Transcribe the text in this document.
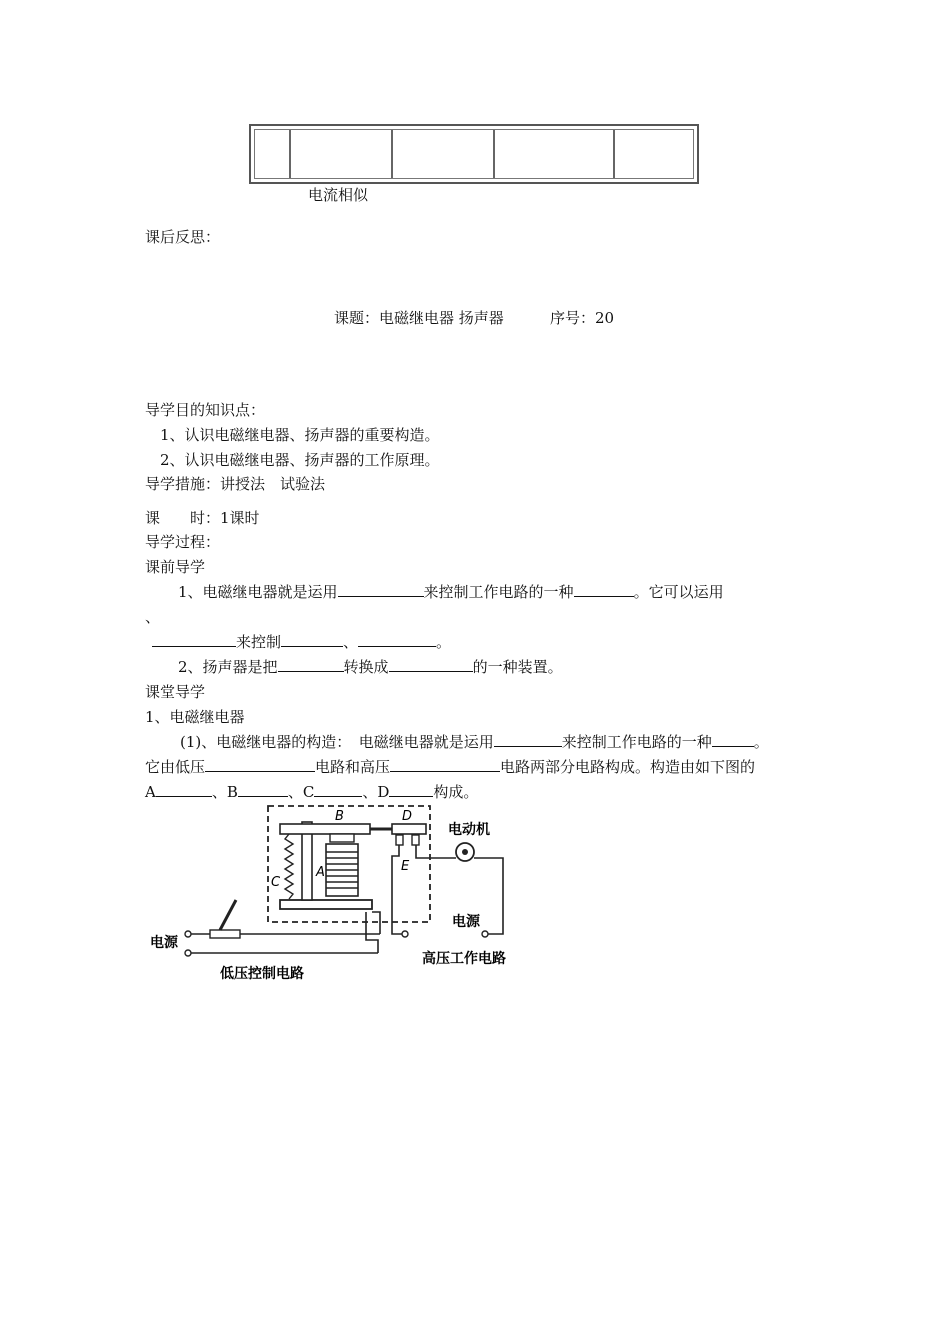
电流相似
课后反思：
课题：电磁继电器 扬声器	序号：20
导学目的知识点：
1、认识电磁继电器、扬声器的重要构造。
2、认识电磁继电器、扬声器的工作原理。
导学措施：讲授法　试验法
课　　时：1课时
导学过程：
课前导学
1、电磁继电器就是运用	来控制工作电路的一种	。它可以运用
、
来控制	、	。
2、扬声器是把	转换成	的一种装置。
课堂导学
1、电磁继电器
(1)、电磁继电器的构造：　电磁继电器就是运用	来控制工作电路的一种	。
它由低压	电路和高压	电路两部分电路构成。构造由如下图的
A	、B	、C	、D	构成。
B	D
C
A	E
电动机
电源
高压工作电路
电源
低压控制电路
